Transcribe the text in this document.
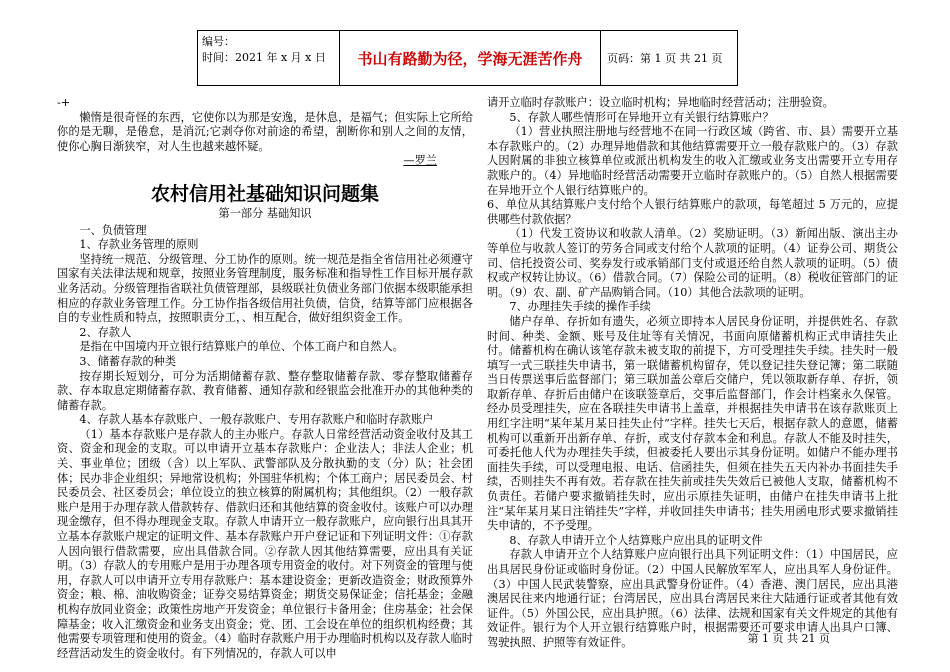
编号：
时间：2021 年 x 月 x 日	书山有路勤为径，学海无涯苦作舟	页码：第 1 页 共 21 页

-+

懒惰是很奇怪的东西，它使你以为那是安逸，是休息，是福气；但实际上它所给你的是无聊，是倦怠，是消沉;它剥夺你对前途的希望，割断你和别人之间的友情，使你心胸日渐狭窄，对人生也越来越怀疑。

—罗兰

农村信用社基础知识问题集
第一部分 基础知识

一、负债管理

1、存款业务管理的原则

坚持统一规范、分级管理、分工协作的原则。统一规范是指全省信用社必须遵守国家有关法律法规和规章，按照业务管理制度，服务标准和指导性工作目标开展存款业务活动。分级管理指省联社负债管理部，县级联社负债业务部门依据本级职能承担相应的存款业务管理工作。分工协作指各级信用社负债，信贷，结算等部门应根据各自的专业性质和特点，按照职责分工，、相互配合，做好组织资金工作。

2、存款人

是指在中国境内开立银行结算账户的单位、个体工商户和自然人。

3、储蓄存款的种类

按存期长短划分，可分为活期储蓄存款、整存整取储蓄存款、零存整取储蓄存款、存本取息定期储蓄存款、教育储蓄、通知存款和经银监会批准开办的其他种类的储蓄存款。

4、存款人基本存款账户、一般存款账户、专用存款账户和临时存款账户

（1）基本存款账户是存款人的主办账户。存款人日常经营活动资金收付及其工资、资金和现金的支取。可以申请开立基本存款账户：企业法人；非法人企业；机关、事业单位；团级（含）以上军队、武警部队及分散执勤的支（分）队；社会团体；民办非企业组织；异地常设机构；外国驻华机构；个体工商户；居民委员会、村民委员会、社区委员会；单位设立的独立核算的附属机构；其他组织。（2）一般存款账户是用于办理存款人借款转存、借款归还和其他结算的资金收付。该账户可以办理现金缴存，但不得办理现金支取。存款人申请开立一般存款账户，应向银行出具其开立基本存款账户规定的证明文件、基本存款账户开户登记证和下列证明文件：①存款人因向银行借款需要，应出具借款合同。②存款人因其他结算需要，应出具有关证明。（3）存款人的专用账户是用于办理各项专用资金的收付。对下列资金的管理与使用，存款人可以申请开立专用存款账户：基本建设资金；更新改造资金；财政预算外资金；粮、棉、油收购资金；证券交易结算资金；期货交易保证金；信托基金；金融机构存放同业资金；政策性房地产开发资金；单位银行卡备用金；住房基金；社会保障基金；收入汇缴资金和业务支出资金；党、团、工会设在单位的组织机构经费；其他需要专项管理和使用的资金。（4）临时存款账户用于办理临时机构以及存款人临时经营活动发生的资金收付。有下列情况的，存款人可以申

请开立临时存款账户：设立临时机构；异地临时经营活动；注册验资。

5、存款人哪些情形可在异地开立有关银行结算账户？

（1）营业执照注册地与经营地不在同一行政区域（跨省、市、县）需要开立基本存款账户的。（2）办理异地借款和其他结算需要开立一般存款账户的。（3）存款人因附属的非独立核算单位或派出机构发生的收入汇缴或业务支出需要开立专用存款账户的。（4）异地临时经营活动需要开立临时存款账户的。（5）自然人根据需要在异地开立个人银行结算账户的。

6、单位从其结算账户支付给个人银行结算账户的款项，每笔超过 5 万元的，应提供哪些付款依据？

（1）代发工资协议和收款人清单。（2）奖励证明。（3）新闻出版、演出主办等单位与收款人签订的劳务合同或支付给个人款项的证明。（4）证券公司、期货公司、信托投资公司、奖券发行或承销部门支付或退还给自然人款项的证明。（5）债权或产权转让协议。（6）借款合同。（7）保险公司的证明。（8）税收征管部门的证明。（9）农、副、矿产品购销合同。（10）其他合法款项的证明。

7、办理挂失手续的操作手续

储户存单、存折如有遗失，必须立即持本人居民身份证明，并提供姓名、存款时间、种类、金额、账号及住址等有关情况，书面向原储蓄机构正式申请挂失止付。储蓄机构在确认该笔存款未被支取的前提下，方可受理挂失手续。挂失时一般填写一式三联挂失申请书，第一联储蓄机构留存，凭以登记挂失登记簿；第二联随当日传票送事后监督部门；第三联加盖公章后交储户，凭以领取新存单、存折，领取新存单、存折后由储户在该联签章后，交事后监督部门，作会计档案永久保管。经办员受理挂失，应在各联挂失申请书上盖章，并根据挂失申请书在该存款账页上用红字注明“某年某月某日挂失止付”字样。挂失七天后，根据存款人的意愿，储蓄机构可以重新开出新存单、存折，或支付存款本金和利息。存款人不能及时挂失，可委托他人代为办理挂失手续，但被委托人要出示其身份证明。如储户不能办理书面挂失手续，可以受理电报、电话、信函挂失，但须在挂失五天内补办书面挂失手续，否则挂失不再有效。若存款在挂失前或挂失失效后已被他人支取，储蓄机构不负责任。若储户要求撤销挂失时，应出示原挂失证明，由储户在挂失申请书上批注“某年某月某日注销挂失”字样，并收回挂失申请书；挂失用函电形式要求撤销挂失申请的，不予受理。

8、存款人申请开立个人结算账户应出具的证明文件

存款人申请开立个人结算账户应向银行出具下列证明文件：（1）中国居民，应出具居民身份证或临时身份证。（2）中国人民解放军军人，应出具军人身份证件。（3）中国人民武装警察，应出具武警身份证件。（4）香港、澳门居民，应出具港澳居民往来内地通行证；台湾居民，应出具台湾居民来往大陆通行证或者其他有效证件。（5）外国公民，应出具护照。（6）法律、法规和国家有关文件规定的其他有效证件。银行为个人开立银行结算账户时，根据需要还可要求申请人出具户口簿、驾驶执照、护照等有效证件。	第 1 页 共 21 页
